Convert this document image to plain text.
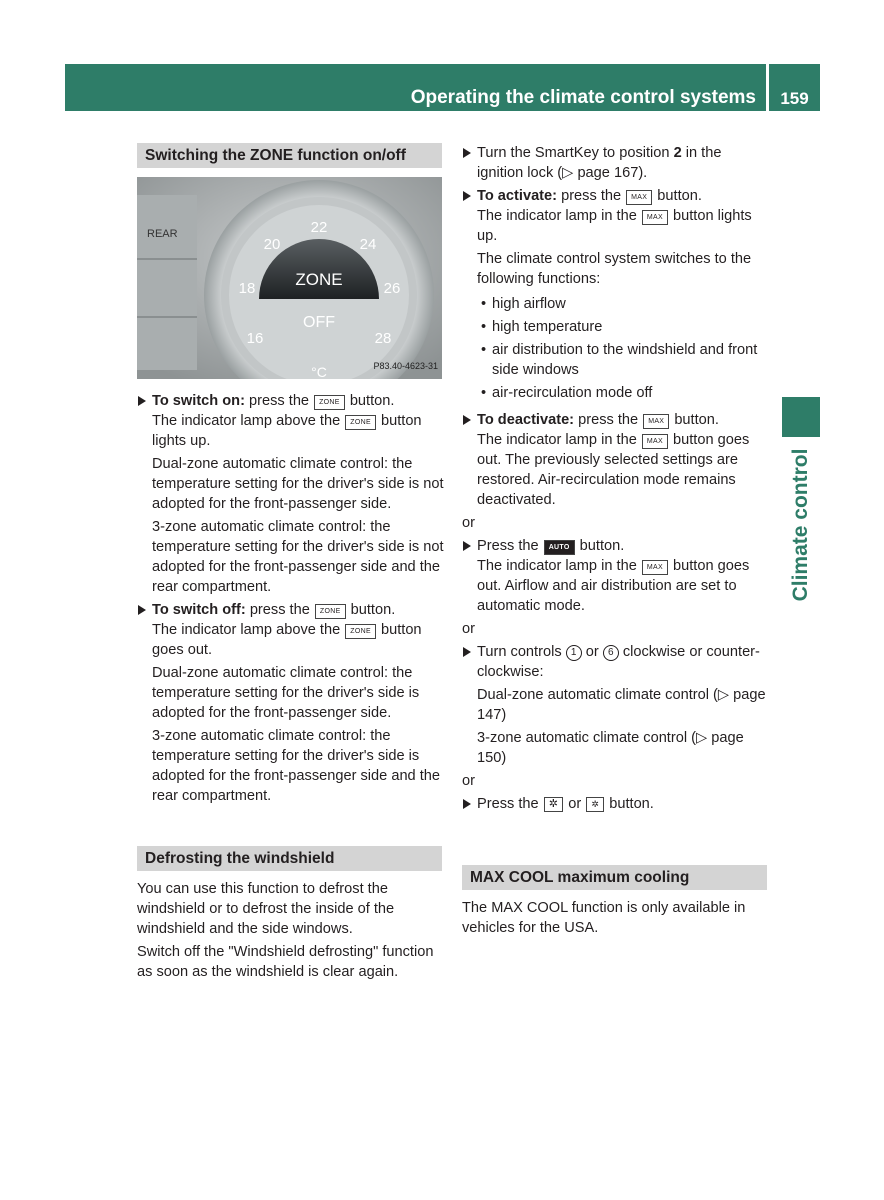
Operating the climate control systems	159
Climate control
Switching the ZONE function on/off
REAR
ZONE
OFF
16
18
20
22
24
26
28
°C	P83.40-4623-31

To switch on: press the ZONE button.

The indicator lamp above the ZONE button
lights up.

Dual-zone automatic climate control: the temperature setting for the driver's side is not adopted for the front-passenger side.

3-zone automatic climate control: the temperature setting for the driver's side is not adopted for the front-passenger side and the rear compartment.

To switch off: press the ZONE button.

The indicator lamp above the ZONE button
goes out.

Dual-zone automatic climate control: the temperature setting for the driver's side is adopted for the front-passenger side.

3-zone automatic climate control: the temperature setting for the driver's side is adopted for the front-passenger side and the rear compartment.

Defrosting the windshield

You can use this function to defrost the windshield or to defrost the inside of the windshield and the side windows.

Switch off the "Windshield defrosting" function as soon as the windshield is clear again.

Turn the SmartKey to position 2 in the ignition lock (▷ page 167).

To activate: press the MAX button.

The indicator lamp in the MAX button lights up.

The climate control system switches to the following functions:

• high airflow

• high temperature

• air distribution to the windshield and front side windows

• air-recirculation mode off

To deactivate: press the MAX button.

The indicator lamp in the MAX button goes out. The previously selected settings are restored. Air-recirculation mode remains deactivated.

or

Press the AUTO button.

The indicator lamp in the MAX button goes out. Airflow and air distribution are set to automatic mode.

or

Turn controls 1 or 6 clockwise or counter-clockwise:

Dual-zone automatic climate control (▷ page 147)

3-zone automatic climate control (▷ page 150)

or

Press the ✲ or ✲ button.

MAX COOL maximum cooling

The MAX COOL function is only available in vehicles for the USA.
